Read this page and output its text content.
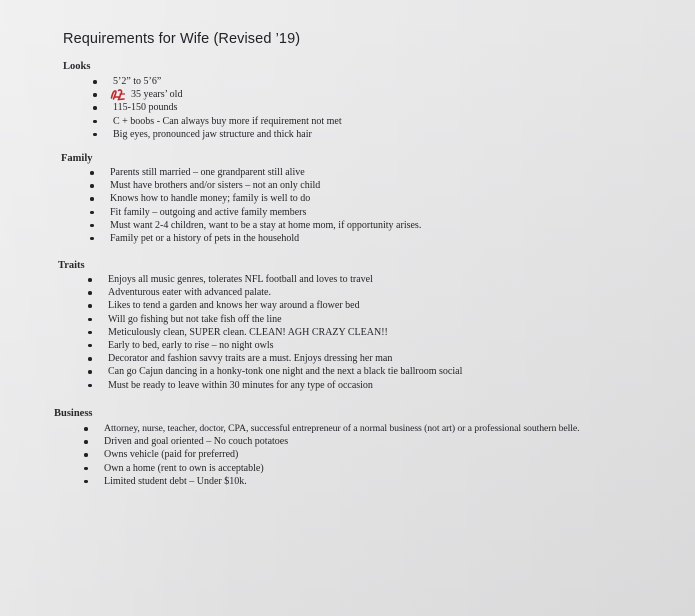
Requirements for Wife (Revised ’19)
Looks
5’2” to 5’6”
35 years’ old
115-150 pounds
C + boobs - Can always buy more if requirement not met
Big eyes, pronounced jaw structure and thick hair
Family
Parents still married – one grandparent still alive
Must have brothers and/or sisters – not an only child
Knows how to handle money; family is well to do
Fit family – outgoing and active family members
Must want 2-4 children, want to be a stay at home mom, if opportunity arises.
Family pet or a history of pets in the household
Traits
Enjoys all music genres, tolerates NFL football and loves to travel
Adventurous eater with advanced palate.
Likes to tend a garden and knows her way around a flower bed
Will go fishing but not take fish off the line
Meticulously clean, SUPER clean. CLEAN! AGH CRAZY CLEAN!!
Early to bed, early to rise – no night owls
Decorator and fashion savvy traits are a must. Enjoys dressing her man
Can go Cajun dancing in a honky-tonk one night and the next a black tie ballroom social
Must be ready to leave within 30 minutes for any type of occasion
Business
Attorney, nurse, teacher, doctor, CPA, successful entrepreneur of a normal business (not art) or a professional southern belle.
Driven and goal oriented – No couch potatoes
Owns vehicle (paid for preferred)
Own a home (rent to own is acceptable)
Limited student debt – Under $10k.
